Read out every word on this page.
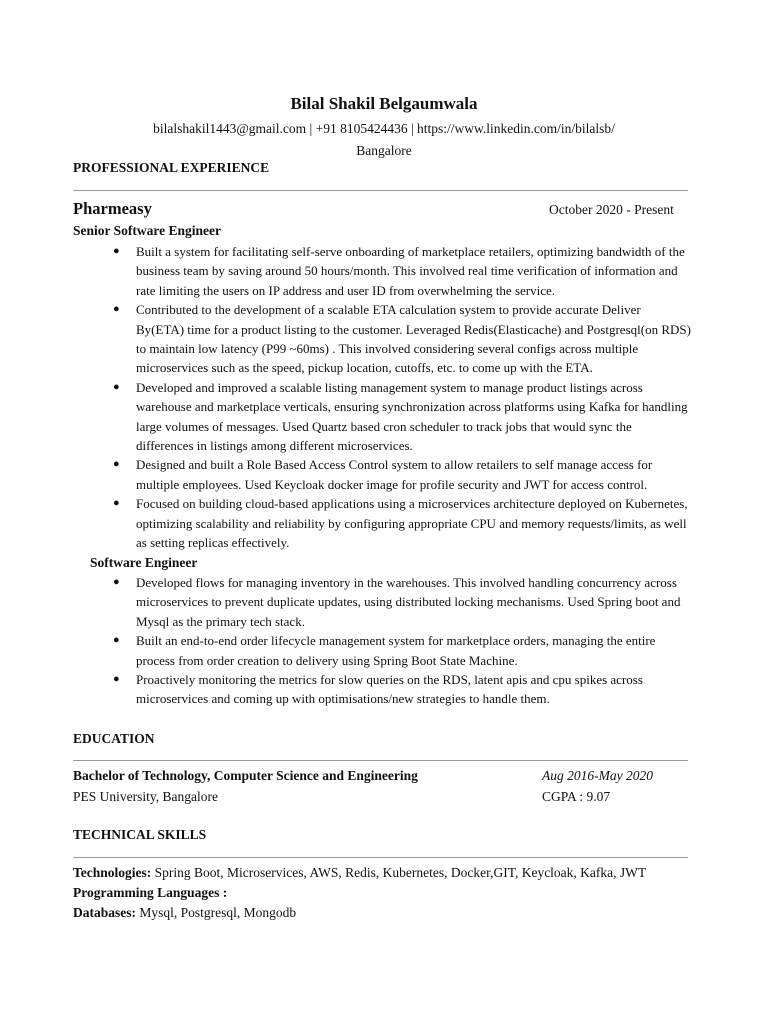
Bilal Shakil Belgaumwala
bilalshakil1443@gmail.com | +91 8105424436 | https://www.linkedin.com/in/bilalsb/
Bangalore
PROFESSIONAL EXPERIENCE
Pharmeasy	October 2020 - Present
Senior Software Engineer
● Built a system for facilitating self-serve onboarding of marketplace retailers, optimizing bandwidth of the business team by saving around 50 hours/month. This involved real time verification of information and rate limiting the users on IP address and user ID from overwhelming the service.
● Contributed to the development of a scalable ETA calculation system to provide accurate Deliver By(ETA) time for a product listing to the customer. Leveraged Redis(Elasticache) and Postgresql(on RDS) to maintain low latency (P99 ~60ms) . This involved considering several configs across multiple microservices such as the speed, pickup location, cutoffs, etc. to come up with the ETA.
● Developed and improved a scalable listing management system to manage product listings across warehouse and marketplace verticals, ensuring synchronization across platforms using Kafka for handling large volumes of messages. Used Quartz based cron scheduler to track jobs that would sync the differences in listings among different microservices.
● Designed and built a Role Based Access Control system to allow retailers to self manage access for multiple employees. Used Keycloak docker image for profile security and JWT for access control.
● Focused on building cloud-based applications using a microservices architecture deployed on Kubernetes, optimizing scalability and reliability by configuring appropriate CPU and memory requests/limits, as well as setting replicas effectively.
Software Engineer
● Developed flows for managing inventory in the warehouses. This involved handling concurrency across microservices to prevent duplicate updates, using distributed locking mechanisms. Used Spring boot and Mysql as the primary tech stack.
● Built an end-to-end order lifecycle management system for marketplace orders, managing the entire process from order creation to delivery using Spring Boot State Machine.
● Proactively monitoring the metrics for slow queries on the RDS, latent apis and cpu spikes across microservices and coming up with optimisations/new strategies to handle them.
EDUCATION
Bachelor of Technology, Computer Science and Engineering	Aug 2016-May 2020
PES University, Bangalore	CGPA : 9.07
TECHNICAL SKILLS
Technologies: Spring Boot, Microservices, AWS, Redis, Kubernetes, Docker,GIT, Keycloak, Kafka, JWT
Programming Languages :
Databases: Mysql, Postgresql, Mongodb
